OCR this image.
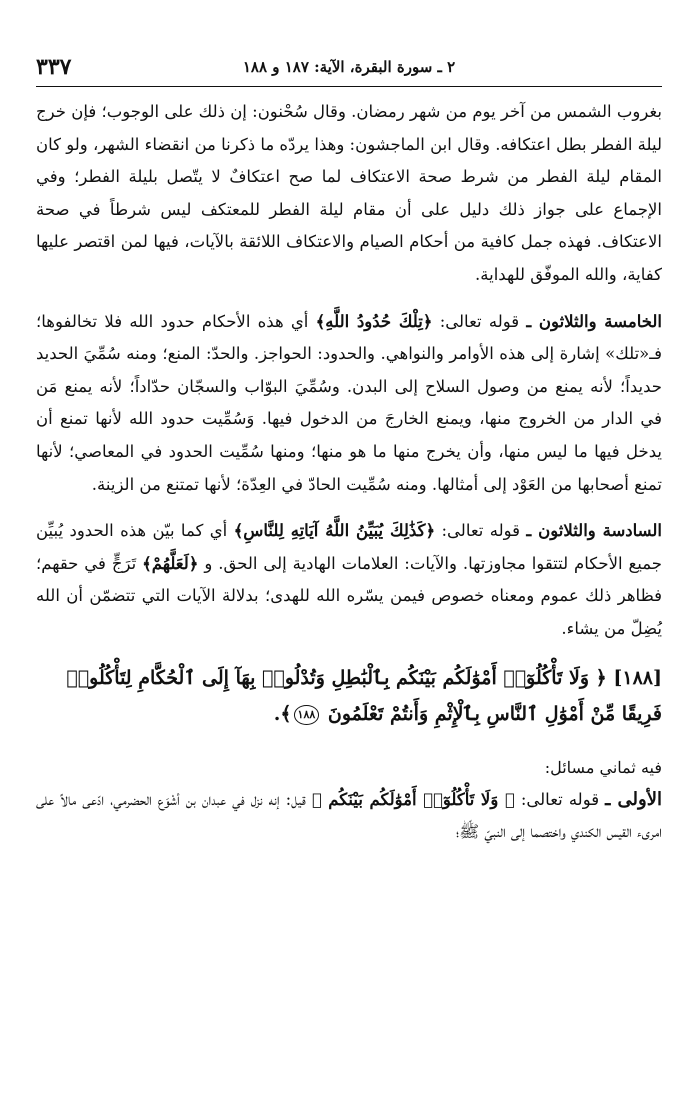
٣٣٧	٢ ـ سورة البقرة، الآية: ١٨٧ و ١٨٨

بغروب الشمس من آخر يوم من شهر رمضان. وقال سُحْنون: إن ذلك على الوجوب؛ فإن خرج ليلة الفطر بطل اعتكافه. وقال ابن الماجشون: وهذا يردّه ما ذكرنا من انقضاء الشهر، ولو كان المقام ليلة الفطر من شرط صحة الاعتكاف لما صح اعتكافٌ لا يتّصل بليلة الفطر؛ وفي الإجماع على جواز ذلك دليل على أن مقام ليلة الفطر للمعتكف ليس شرطاً في صحة الاعتكاف. فهذه جمل كافية من أحكام الصيام والاعتكاف اللائقة بالآيات، فيها لمن اقتصر عليها كفاية، والله الموفّق للهداية.

الخامسة والثلاثون ـ قوله تعالى: ﴿تِلْكَ حُدُودُ اللَّهِ﴾ أي هذه الأحكام حدود الله فلا تخالفوها؛ فـ«تلك» إشارة إلى هذه الأوامر والنواهي. والحدود: الحواجز. والحدّ: المنع؛ ومنه سُمِّيَ الحديد حديداً؛ لأنه يمنع من وصول السلاح إلى البدن. وسُمِّيَ البوّاب والسجّان حدّاداً؛ لأنه يمنع مَن في الدار من الخروج منها، ويمنع الخارجَ من الدخول فيها. وَسُمِّيت حدود الله لأنها تمنع أن يدخل فيها ما ليس منها، وأن يخرج منها ما هو منها؛ ومنها سُمِّيت الحدود في المعاصي؛ لأنها تمنع أصحابها من العَوْد إلى أمثالها. ومنه سُمِّيت الحادّ في العِدّة؛ لأنها تمتنع من الزينة.

السادسة والثلاثون ـ قوله تعالى: ﴿كَذَٰلِكَ يُبَيِّنُ اللَّهُ آيَاتِهِ لِلنَّاسِ﴾ أي كما بيّن هذه الحدود يُبيِّن جميع الأحكام لتتقوا مجاوزتها. والآيات: العلامات الهادية إلى الحق. و ﴿لَعَلَّهُمْ﴾ تَرَجٍّ في حقهم؛ فظاهر ذلك عموم ومعناه خصوص فيمن يسّره الله للهدى؛ بدلالة الآيات التي تتضمّن أن الله يُضِلّ من يشاء.

[١٨٨] ﴿ وَلَا تَأْكُلُوٓا۟ أَمْوَٰلَكُم بَيْنَكُم بِٱلْبَٰطِلِ وَتُدْلُوا۟ بِهَآ إِلَى ٱلْحُكَّامِ لِتَأْكُلُوا۟ فَرِيقًا مِّنْ أَمْوَٰلِ ٱلنَّاسِ بِٱلْإِثْمِ وَأَنتُمْ تَعْلَمُونَ ١٨٨﴾.
فيه ثماني مسائل:

الأولى ـ قوله تعالى: ﴿ وَلَا تَأْكُلُوٓا۟ أَمْوَٰلَكُم بَيْنَكُم ﴾ قيل: إنه نزل في عبدان بن أشْوَع الحضرمي، ادّعى مالاً على امرىء القيس الكندي واختصما إلى النبيّ ﷺ؛
